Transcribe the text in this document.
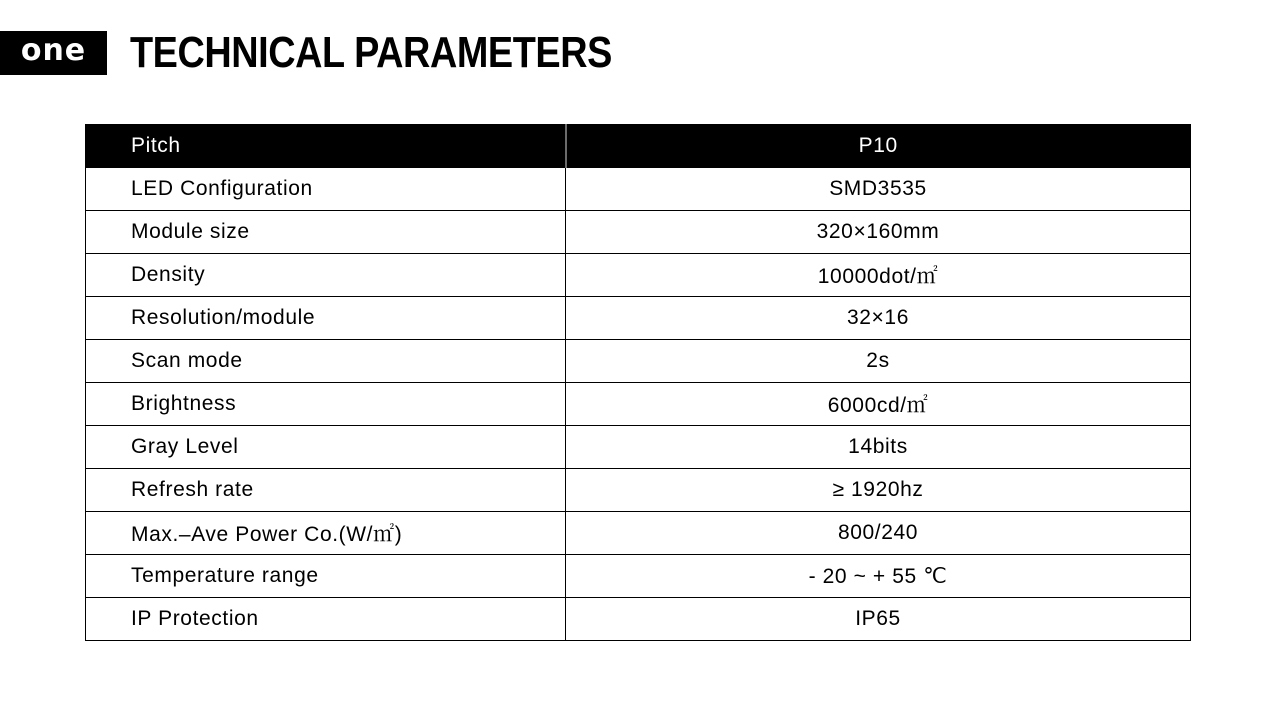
one TECHNICAL PARAMETERS
Pitch	P10
LED Configuration	SMD3535
Module size	320×160mm
Density	10000dot/㎡
Resolution/module	32×16
Scan mode	2s
Brightness	6000cd/㎡
Gray Level	14bits
Refresh rate	≥ 1920hz
Max.–Ave Power Co.(W/㎡)	800/240
Temperature range	- 20 ~ + 55 ℃
IP Protection	IP65
